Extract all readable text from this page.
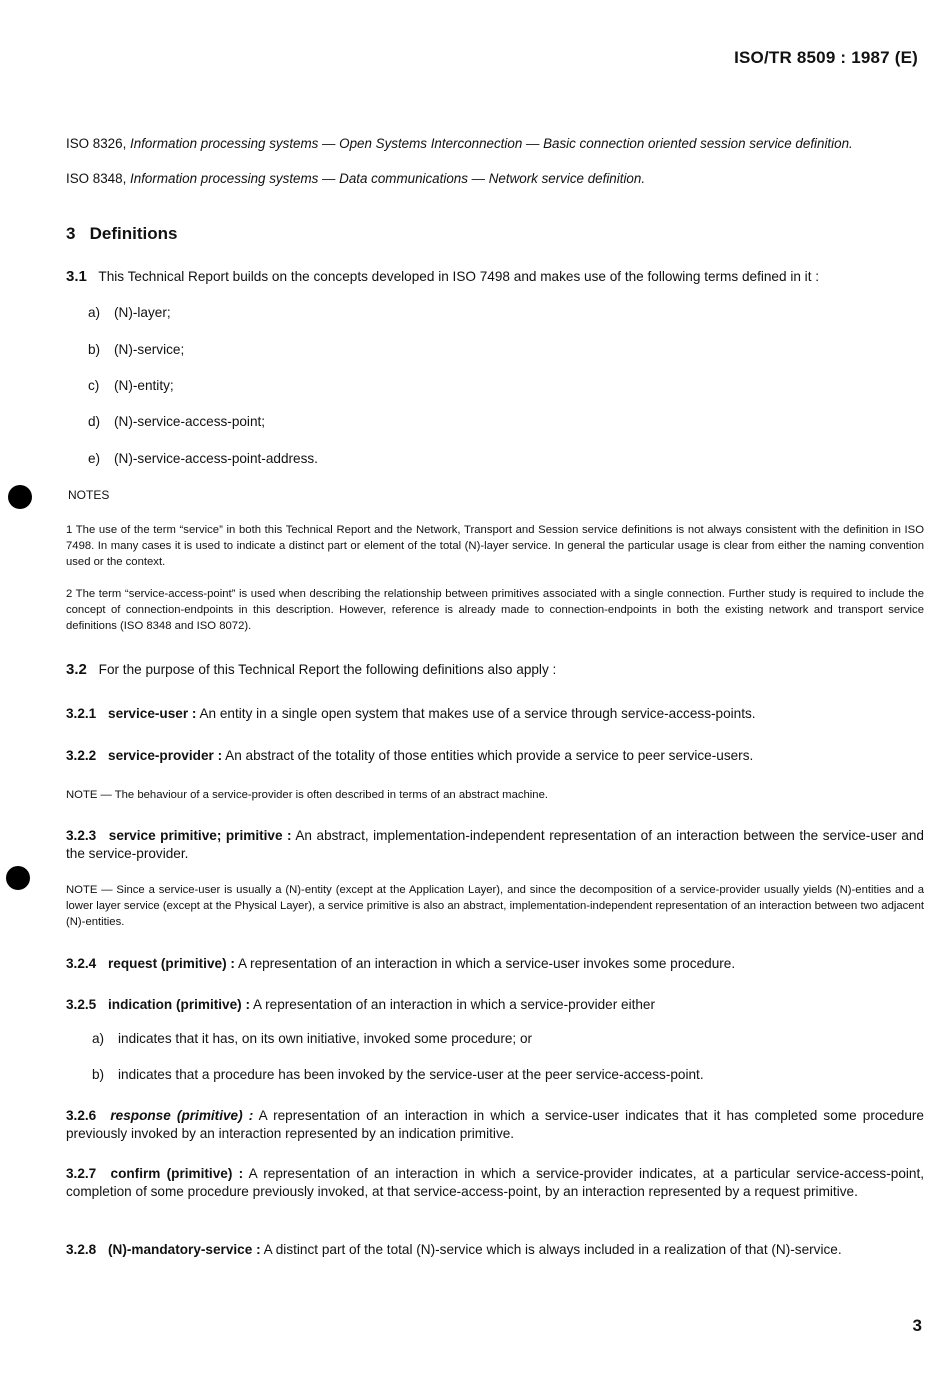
ISO/TR 8509 : 1987 (E)
ISO 8326, Information processing systems — Open Systems Interconnection — Basic connection oriented session service definition.
ISO 8348, Information processing systems — Data communications — Network service definition.
3   Definitions
3.1 This Technical Report builds on the concepts developed in ISO 7498 and makes use of the following terms defined in it :
a) (N)-layer;
b) (N)-service;
c) (N)-entity;
d) (N)-service-access-point;
e) (N)-service-access-point-address.
NOTES
1 The use of the term “service” in both this Technical Report and the Network, Transport and Session service definitions is not always consistent with the definition in ISO 7498. In many cases it is used to indicate a distinct part or element of the total (N)-layer service. In general the particular usage is clear from either the naming convention used or the context.
2 The term “service-access-point” is used when describing the relationship between primitives associated with a single connection. Further study is required to include the concept of connection-endpoints in this description. However, reference is already made to connection-endpoints in both the existing network and transport service definitions (ISO 8348 and ISO 8072).
3.2 For the purpose of this Technical Report the following definitions also apply :
3.2.1 service-user : An entity in a single open system that makes use of a service through service-access-points.
3.2.2 service-provider : An abstract of the totality of those entities which provide a service to peer service-users.
NOTE — The behaviour of a service-provider is often described in terms of an abstract machine.
3.2.3 service primitive; primitive : An abstract, implementation-independent representation of an interaction between the service-user and the service-provider.
NOTE — Since a service-user is usually a (N)-entity (except at the Application Layer), and since the decomposition of a service-provider usually yields (N)-entities and a lower layer service (except at the Physical Layer), a service primitive is also an abstract, implementation-independent representation of an interaction between two adjacent (N)-entities.
3.2.4 request (primitive) : A representation of an interaction in which a service-user invokes some procedure.
3.2.5 indication (primitive) : A representation of an interaction in which a service-provider either
a) indicates that it has, on its own initiative, invoked some procedure; or
b) indicates that a procedure has been invoked by the service-user at the peer service-access-point.
3.2.6 response (primitive) : A representation of an interaction in which a service-user indicates that it has completed some procedure previously invoked by an interaction represented by an indication primitive.
3.2.7 confirm (primitive) : A representation of an interaction in which a service-provider indicates, at a particular service-access-point, completion of some procedure previously invoked, at that service-access-point, by an interaction represented by a request primitive.
3.2.8 (N)-mandatory-service : A distinct part of the total (N)-service which is always included in a realization of that (N)-service.
3
